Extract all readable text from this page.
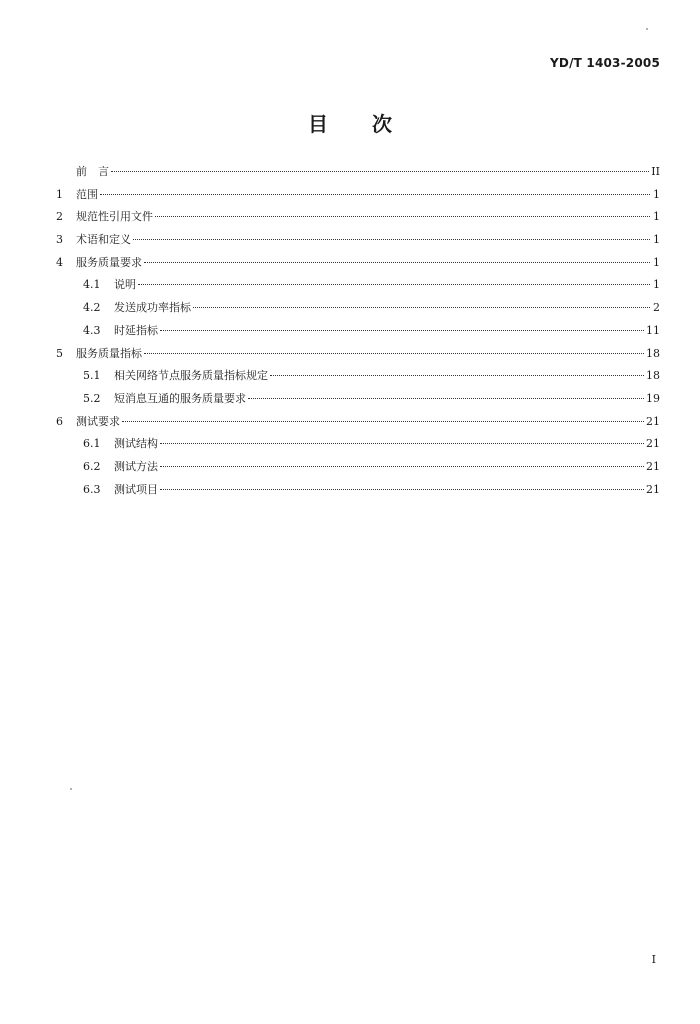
YD/T 1403-2005
目次
前　言	II
1	范围	1
2	规范性引用文件	1
3	术语和定义	1
4	服务质量要求	1
4.1	说明	1
4.2	发送成功率指标	2
4.3	时延指标	11
5	服务质量指标	18
5.1	相关网络节点服务质量指标规定	18
5.2	短消息互通的服务质量要求	19
6	测试要求	21
6.1	测试结构	21
6.2	测试方法	21
6.3	测试项目	21
I
